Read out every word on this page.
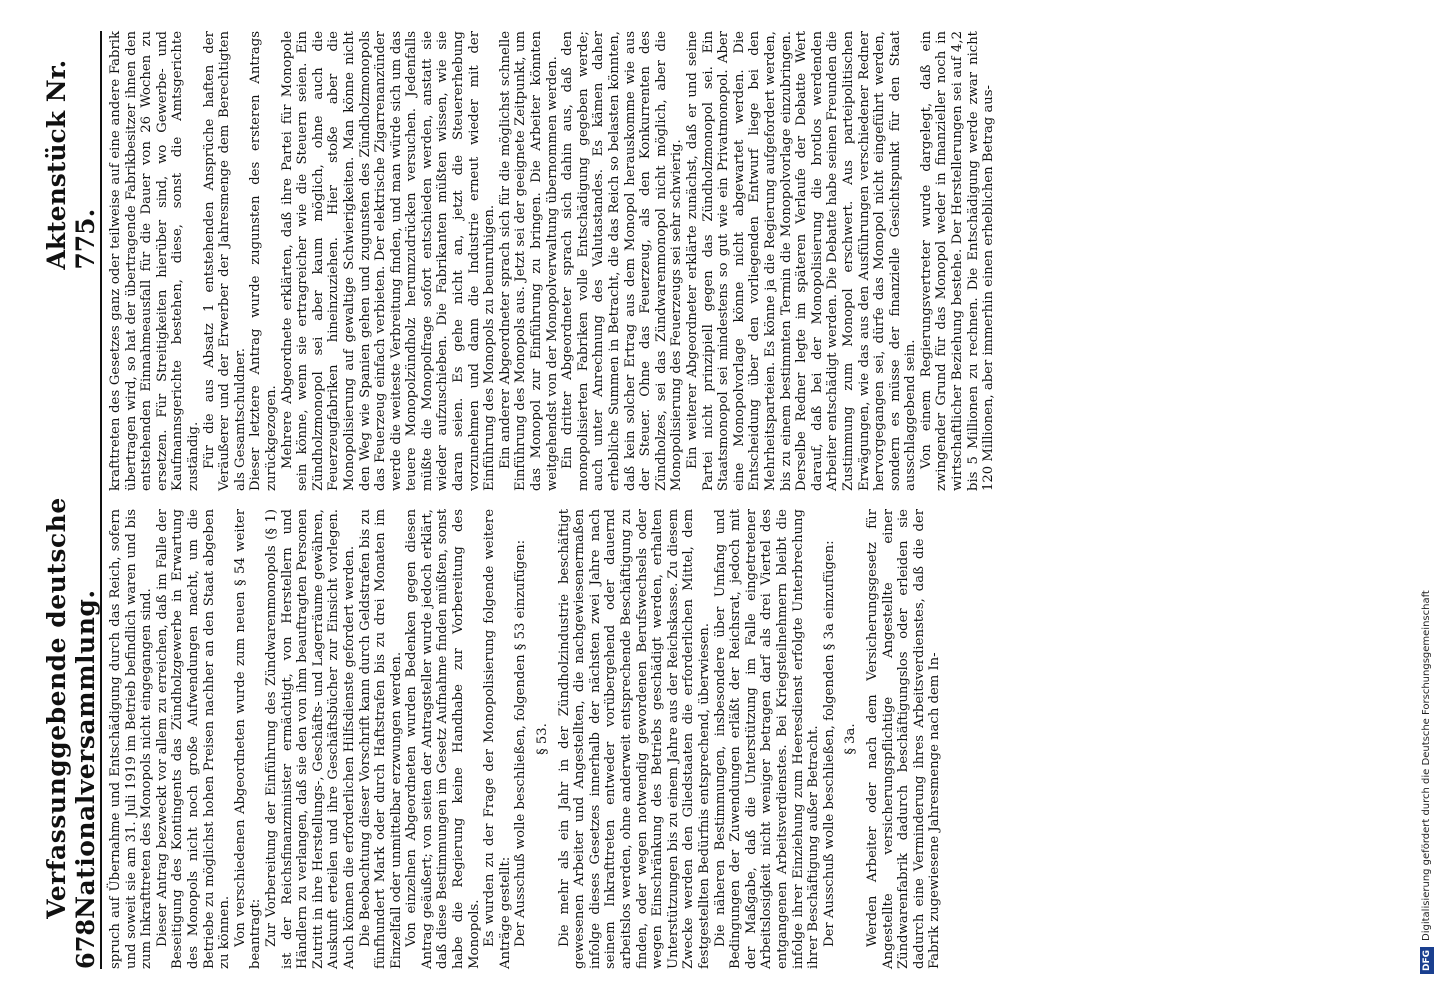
678
Verfassunggebende deutsche Nationalversammlung.
Aktenstück Nr. 775.

spruch auf Übernahme und Entschädigung durch das Reich, sofern und soweit sie am 31. Juli 1919 im Betrieb befindlich waren und bis zum Inkrafttreten des Monopols nicht eingegangen sind. Dieser Antrag bezweckt vor allem zu erreichen, daß im Falle der Beseitigung des Kontingents das Zündholzgewerbe in Erwartung des Monopols nicht noch große Aufwendungen macht, um die Betriebe zu möglichst hohen Preisen nachher an den Staat abgeben zu können. Von verschiedenen Abgeordneten wurde zum neuen § 54 weiter beantragt: Zur Vorbereitung der Einführung des Zündwarenmonopols (§ 1) ist der Reichsfinanzminister ermächtigt, von Herstellern und Händlern zu verlangen, daß sie den von ihm beauftragten Personen Zutritt in ihre Herstellungs-, Geschäfts- und Lagerräume gewähren, Auskunft erteilen und ihre Geschäftsbücher zur Einsicht vorlegen. Auch können die erforderlichen Hilfsdienste gefordert werden. Die Beobachtung dieser Vorschrift kann durch Geldstrafen bis zu fünfhundert Mark oder durch Haftstrafen bis zu drei Monaten im Einzelfall oder unmittelbar erzwungen werden. Von einzelnen Abgeordneten wurden Bedenken gegen diesen Antrag geäußert; von seiten der Antragsteller wurde jedoch erklärt, daß diese Bestimmungen im Gesetz Aufnahme finden müßten, sonst habe die Regierung keine Handhabe zur Vorbereitung des Monopols. Es wurden zu der Frage der Monopolisierung folgende weitere Anträge gestellt: Der Ausschuß wolle beschließen, folgenden § 53 einzufügen: § 53. Die mehr als ein Jahr in der Zündholzindustrie beschäftigt gewesenen Arbeiter und Angestellten, die nachgewiesenermaßen infolge dieses Gesetzes innerhalb der nächsten zwei Jahre nach seinem Inkrafttreten entweder vorübergehend oder dauernd arbeitslos werden, ohne anderweit entsprechende Beschäftigung zu finden, oder wegen notwendig gewordenen Berufswechsels oder wegen Einschränkung des Betriebs geschädigt werden, erhalten Unterstützungen bis zu einem Jahre aus der Reichskasse. Zu diesem Zwecke werden den Gliedstaaten die erforderlichen Mittel, dem festgestellten Bedürfnis entsprechend, überwiesen. Die näheren Bestimmungen, insbesondere über Umfang und Bedingungen der Zuwendungen erläßt der Reichsrat, jedoch mit der Maßgabe, daß die Unterstützung im Falle eingetretener Arbeitslosigkeit nicht weniger betragen darf als drei Viertel des entgangenen Arbeitsverdienstes. Bei Kriegsteilnehmern bleibt die infolge ihrer Einziehung zum Heeresdienst erfolgte Unterbrechung ihrer Beschäftigung außer Betracht. Der Ausschuß wolle beschließen, folgenden § 3a einzufügen: § 3a. Werden Arbeiter oder nach dem Versicherungsgesetz für Angestellte versicherungspflichtige Angestellte einer Zündwarenfabrik dadurch beschäftigungslos oder erleiden sie dadurch eine Verminderung ihres Arbeitsverdienstes, daß die der Fabrik zugewiesene Jahresmenge nach dem In-

krafttreten des Gesetzes ganz oder teilweise auf eine andere Fabrik übertragen wird, so hat der übertragende Fabrikbesitzer ihnen den entstehenden Einnahmeausfall für die Dauer von 26 Wochen zu ersetzen. Für Streitigkeiten hierüber sind, wo Gewerbe- und Kaufmannsgerichte bestehen, diese, sonst die Amtsgerichte zuständig. Für die aus Absatz 1 entstehenden Ansprüche haften der Veräußerer und der Erwerber der Jahresmenge dem Berechtigten als Gesamtschuldner. Dieser letztere Antrag wurde zugunsten des ersteren Antrags zurückgezogen. Mehrere Abgeordnete erklärten, daß ihre Partei für Monopole sein könne, wenn sie ertragreicher wie die Steuern seien. Ein Zündholzmonopol sei aber kaum möglich, ohne auch die Feuerzeugfabriken hineinzuziehen. Hier stoße aber die Monopolisierung auf gewaltige Schwierigkeiten. Man könne nicht den Weg wie Spanien gehen und zugunsten des Zündholzmonopols das Feuerzeug einfach verbieten. Der elektrische Zigarrenanzünder werde die weiteste Verbreitung finden, und man würde sich um das teuere Monopolzündholz herumzudrücken versuchen. Jedenfalls müßte die Monopolfrage sofort entschieden werden, anstatt sie wieder aufzuschieben. Die Fabrikanten müßten wissen, wie sie daran seien. Es gehe nicht an, jetzt die Steuererhebung vorzunehmen und dann die Industrie erneut wieder mit der Einführung des Monopols zu beunruhigen. Ein anderer Abgeordneter sprach sich für die möglichst schnelle Einführung des Monopols aus. Jetzt sei der geeignete Zeitpunkt, um das Monopol zur Einführung zu bringen. Die Arbeiter könnten weitgehendst von der Monopolverwaltung übernommen werden. Ein dritter Abgeordneter sprach sich dahin aus, daß den monopolisierten Fabriken volle Entschädigung gegeben werde; auch unter Anrechnung des Valutastandes. Es kämen daher erhebliche Summen in Betracht, die das Reich so belasten könnten, daß kein solcher Ertrag aus dem Monopol herauskomme wie aus der Steuer. Ohne das Feuerzeug, als den Konkurrenten des Zündholzes, sei das Zündwarenmonopol nicht möglich, aber die Monopolisierung des Feuerzeugs sei sehr schwierig. Ein weiterer Abgeordneter erklärte zunächst, daß er und seine Partei nicht prinzipiell gegen das Zündholzmonopol sei. Ein Staatsmonopol sei mindestens so gut wie ein Privatmonopol. Aber eine Monopolvorlage könne nicht abgewartet werden. Die Entscheidung über den vorliegenden Entwurf liege bei den Mehrheitsparteien. Es könne ja die Regierung aufgefordert werden, bis zu einem bestimmten Termin die Monopolvorlage einzubringen. Derselbe Redner legte im späteren Verlaufe der Debatte Wert darauf, daß bei der Monopolisierung die brotlos werdenden Arbeiter entschädigt werden. Die Debatte habe seinen Freunden die Zustimmung zum Monopol erschwert. Aus parteipolitischen Erwägungen, wie das aus den Ausführungen verschiedener Redner hervorgegangen sei, dürfe das Monopol nicht eingeführt werden, sondern es müsse der finanzielle Gesichtspunkt für den Staat ausschlaggebend sein. Von einem Regierungsvertreter wurde dargelegt, daß ein zwingender Grund für das Monopol weder in finanzieller noch in wirtschaftlicher Beziehung bestehe. Der Herstellerungen sei auf 4,2 bis 5 Millionen zu rechnen. Die Entschädigung werde zwar nicht 120 Millionen, aber immerhin einen erheblichen Betrag aus-

DFG
Digitalisierung gefördert durch die Deutsche Forschungsgemeinschaft
